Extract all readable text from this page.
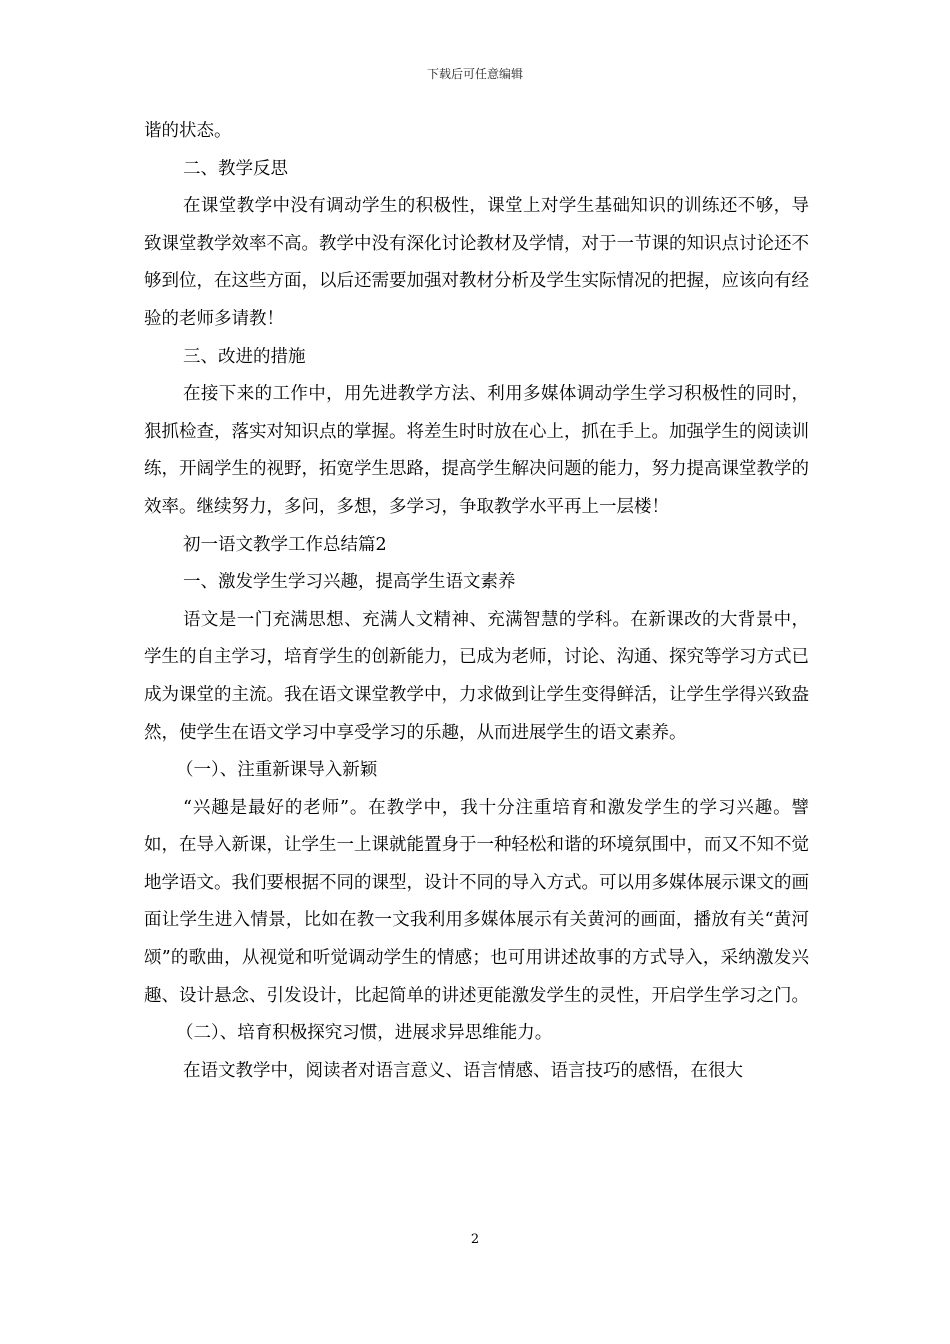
下载后可任意编辑

谐的状态。

二、教学反思

在课堂教学中没有调动学生的积极性，课堂上对学生基础知识的训练还不够，导致课堂教学效率不高。教学中没有深化讨论教材及学情，对于一节课的知识点讨论还不够到位，在这些方面，以后还需要加强对教材分析及学生实际情况的把握，应该向有经验的老师多请教！

三、改进的措施

在接下来的工作中，用先进教学方法、利用多媒体调动学生学习积极性的同时，狠抓检查，落实对知识点的掌握。将差生时时放在心上，抓在手上。加强学生的阅读训练，开阔学生的视野，拓宽学生思路，提高学生解决问题的能力，努力提高课堂教学的效率。继续努力，多问，多想，多学习，争取教学水平再上一层楼！

初一语文教学工作总结篇2

一、激发学生学习兴趣，提高学生语文素养

语文是一门充满思想、充满人文精神、充满智慧的学科。在新课改的大背景中，学生的自主学习，培育学生的创新能力，已成为老师，讨论、沟通、探究等学习方式已成为课堂的主流。我在语文课堂教学中，力求做到让学生变得鲜活，让学生学得兴致盎然，使学生在语文学习中享受学习的乐趣，从而进展学生的语文素养。

（一）、注重新课导入新颖

“兴趣是最好的老师”。在教学中，我十分注重培育和激发学生的学习兴趣。譬如，在导入新课，让学生一上课就能置身于一种轻松和谐的环境氛围中，而又不知不觉地学语文。我们要根据不同的课型，设计不同的导入方式。可以用多媒体展示课文的画面让学生进入情景，比如在教一文我利用多媒体展示有关黄河的画面，播放有关“黄河颂”的歌曲，从视觉和听觉调动学生的情感；也可用讲述故事的方式导入，采纳激发兴趣、设计悬念、引发设计，比起简单的讲述更能激发学生的灵性，开启学生学习之门。

（二）、培育积极探究习惯，进展求异思维能力。

在语文教学中，阅读者对语言意义、语言情感、语言技巧的感悟，在很大

2
